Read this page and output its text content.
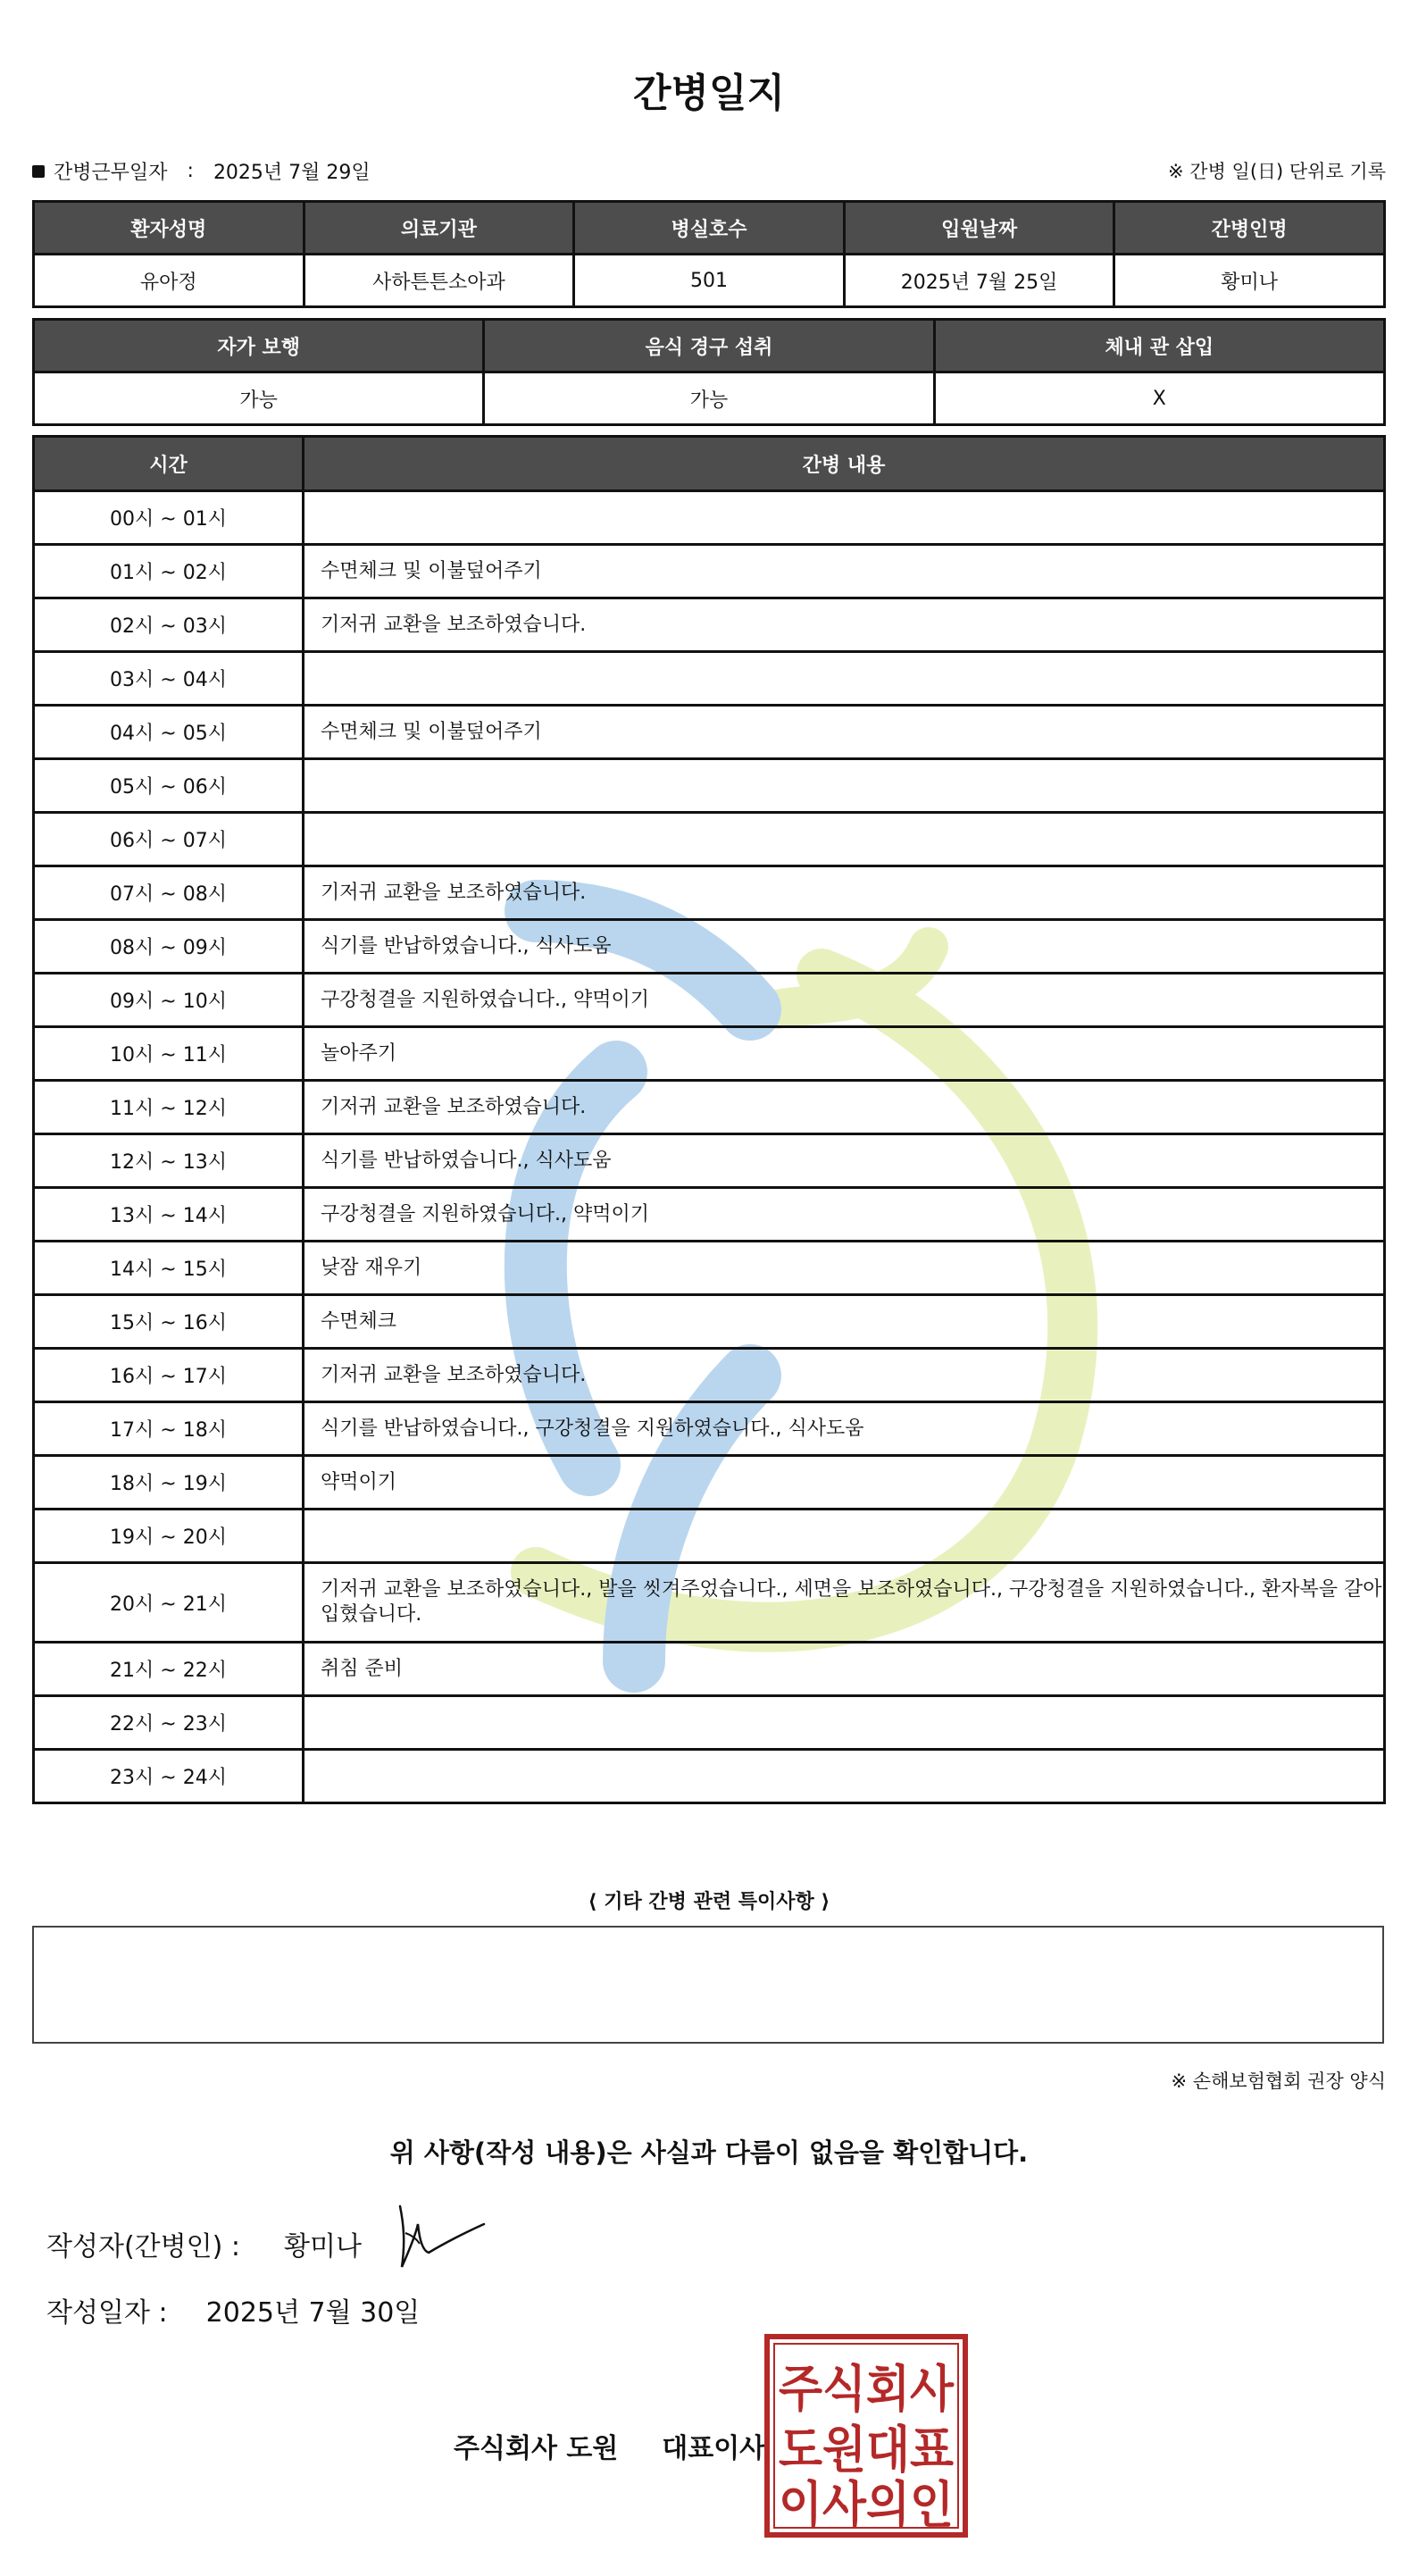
간병일지
간병근무일자 : 2025년 7월 29일	※ 간병 일(日) 단위로 기록
환자성명	의료기관	병실호수	입원날짜	간병인명
유아정	사하튼튼소아과	501	2025년 7월 25일	황미나
자가 보행	음식 경구 섭취	체내 관 삽입
가능	가능	X
시간	간병 내용
00시 ~ 01시	
01시 ~ 02시	수면체크 및 이불덮어주기
02시 ~ 03시	기저귀 교환을 보조하였습니다.
03시 ~ 04시	
04시 ~ 05시	수면체크 및 이불덮어주기
05시 ~ 06시	
06시 ~ 07시	
07시 ~ 08시	기저귀 교환을 보조하였습니다.
08시 ~ 09시	식기를 반납하였습니다., 식사도움
09시 ~ 10시	구강청결을 지원하였습니다., 약먹이기
10시 ~ 11시	놀아주기
11시 ~ 12시	기저귀 교환을 보조하였습니다.
12시 ~ 13시	식기를 반납하였습니다., 식사도움
13시 ~ 14시	구강청결을 지원하였습니다., 약먹이기
14시 ~ 15시	낮잠 재우기
15시 ~ 16시	수면체크
16시 ~ 17시	기저귀 교환을 보조하였습니다.
17시 ~ 18시	식기를 반납하였습니다., 구강청결을 지원하였습니다., 식사도움
18시 ~ 19시	약먹이기
19시 ~ 20시	
20시 ~ 21시	기저귀 교환을 보조하였습니다., 발을 씻겨주었습니다., 세면을 보조하였습니다., 구강청결을 지원하였습니다., 환자복을 갈아입혔습니다.
21시 ~ 22시	취침 준비
22시 ~ 23시	
23시 ~ 24시	
⟨ 기타 간병 관련 특이사항 ⟩
※ 손해보험협회 권장 양식
위 사항(작성 내용)은 사실과 다름이 없음을 확인합니다.
작성자(간병인) : 황미나
작성일자 : 2025년 7월 30일
주식회사 도원 대표이사
주식회사
도원대표
이사의인
